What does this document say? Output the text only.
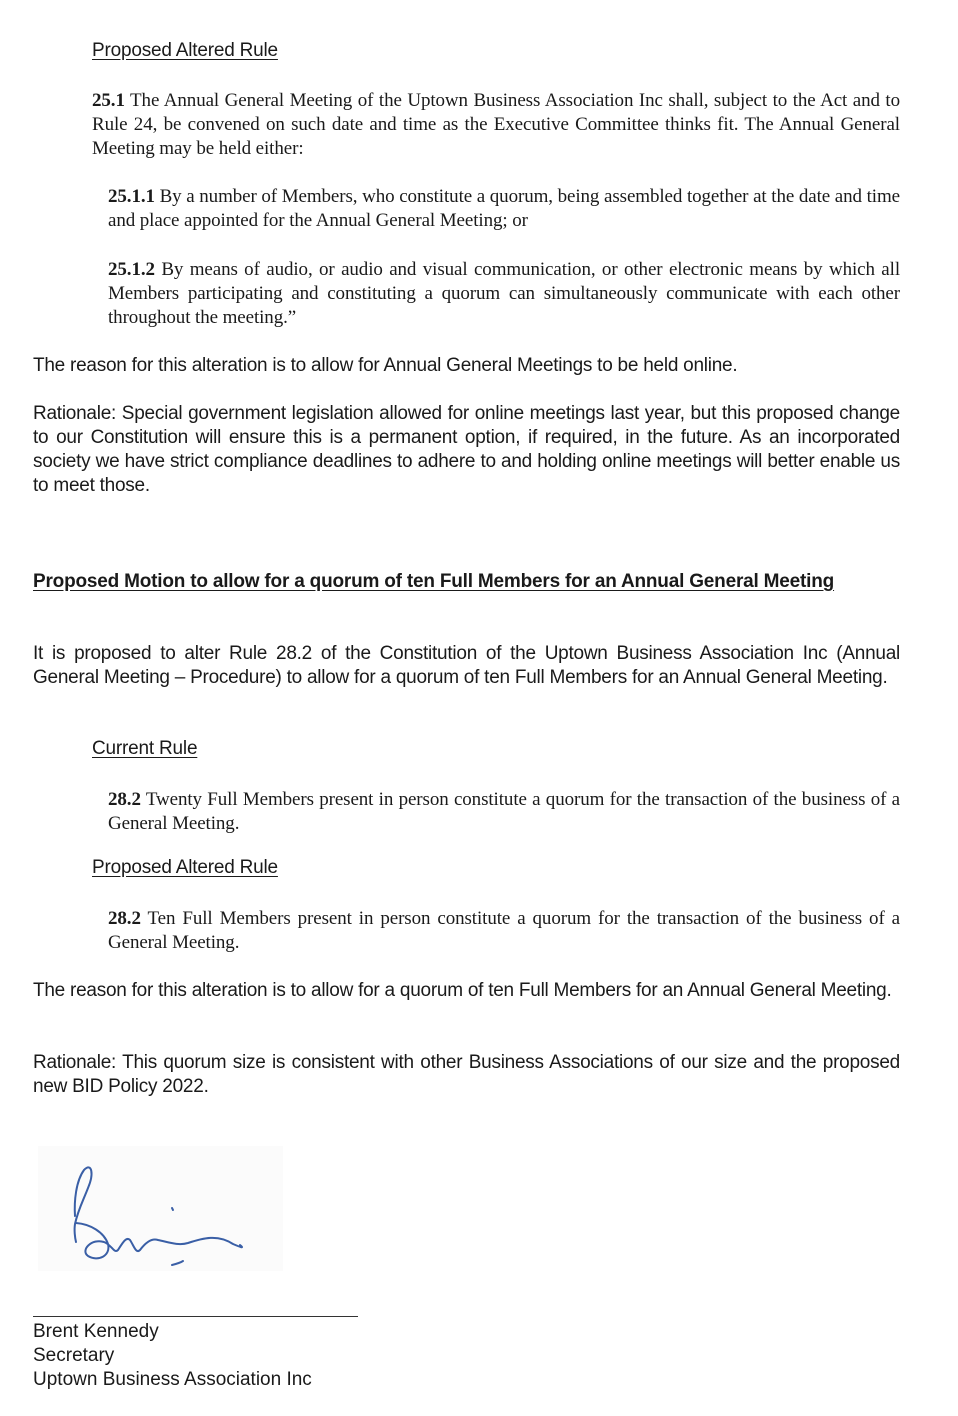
Proposed Altered Rule
25.1 The Annual General Meeting of the Uptown Business Association Inc shall, subject to the Act and to Rule 24, be convened on such date and time as the Executive Committee thinks fit. The Annual General Meeting may be held either:
25.1.1 By a number of Members, who constitute a quorum, being assembled together at the date and time and place appointed for the Annual General Meeting; or
25.1.2 By means of audio, or audio and visual communication, or other electronic means by which all Members participating and constituting a quorum can simultaneously communicate with each other throughout the meeting.”
The reason for this alteration is to allow for Annual General Meetings to be held online.
Rationale: Special government legislation allowed for online meetings last year, but this proposed change to our Constitution will ensure this is a permanent option, if required, in the future. As an incorporated society we have strict compliance deadlines to adhere to and holding online meetings will better enable us to meet those.
Proposed Motion to allow for a quorum of ten Full Members for an Annual General Meeting
It is proposed to alter Rule 28.2 of the Constitution of the Uptown Business Association Inc (Annual General Meeting – Procedure) to allow for a quorum of ten Full Members for an Annual General Meeting.
Current Rule
28.2 Twenty Full Members present in person constitute a quorum for the transaction of the business of a General Meeting.
Proposed Altered Rule
28.2 Ten Full Members present in person constitute a quorum for the transaction of the business of a General Meeting.
The reason for this alteration is to allow for a quorum of ten Full Members for an Annual General Meeting.
Rationale: This quorum size is consistent with other Business Associations of our size and the proposed new BID Policy 2022.
Brent Kennedy
Secretary
Uptown Business Association Inc
